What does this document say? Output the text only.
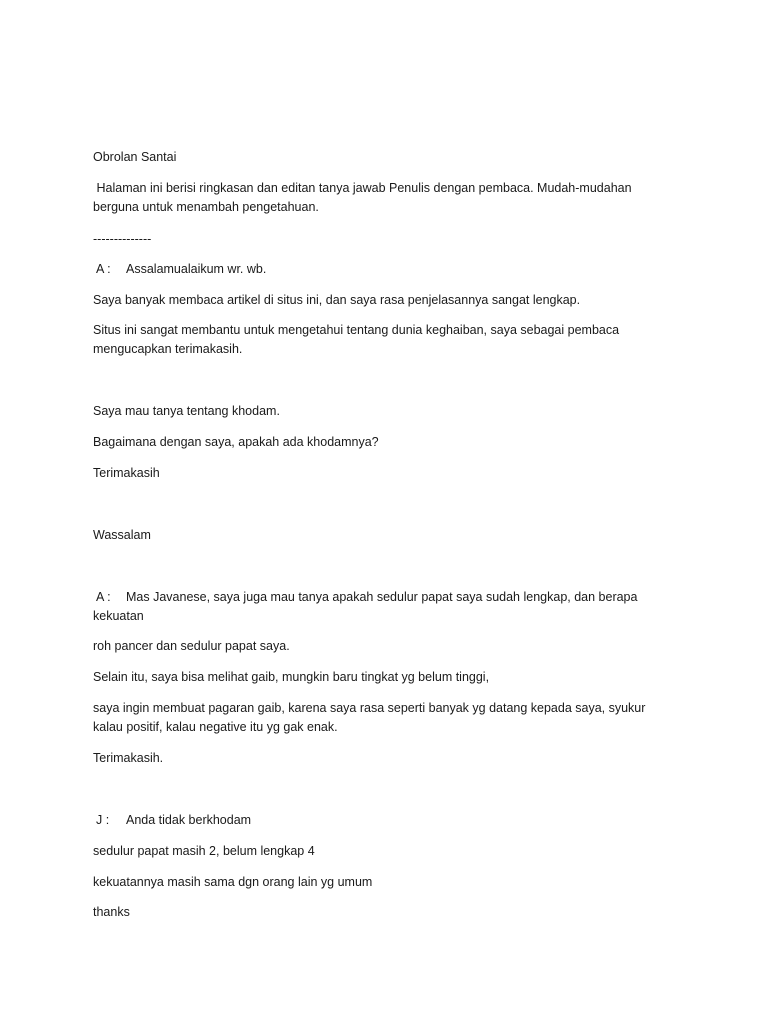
Obrolan Santai

Halaman ini berisi ringkasan dan editan tanya jawab Penulis dengan pembaca. Mudah-mudahan berguna untuk menambah pengetahuan.

--------------

A : Assalamualaikum wr. wb.

Saya banyak membaca artikel di situs ini, dan saya rasa penjelasannya sangat lengkap.

Situs ini sangat membantu untuk mengetahui tentang dunia keghaiban, saya sebagai pembaca mengucapkan terimakasih.

Saya mau tanya tentang khodam.

Bagaimana dengan saya, apakah ada khodamnya?

Terimakasih

Wassalam

A : Mas Javanese, saya juga mau tanya apakah sedulur papat saya sudah lengkap, dan berapa

kekuatan

roh pancer dan sedulur papat saya.

Selain itu, saya bisa melihat gaib, mungkin baru tingkat yg belum tinggi,

saya ingin membuat pagaran gaib, karena saya rasa seperti banyak yg datang kepada saya, syukur kalau positif, kalau negative itu yg gak enak.

Terimakasih.

J : Anda tidak berkhodam

sedulur papat masih 2, belum lengkap 4

kekuatannya masih sama dgn orang lain yg umum

thanks
